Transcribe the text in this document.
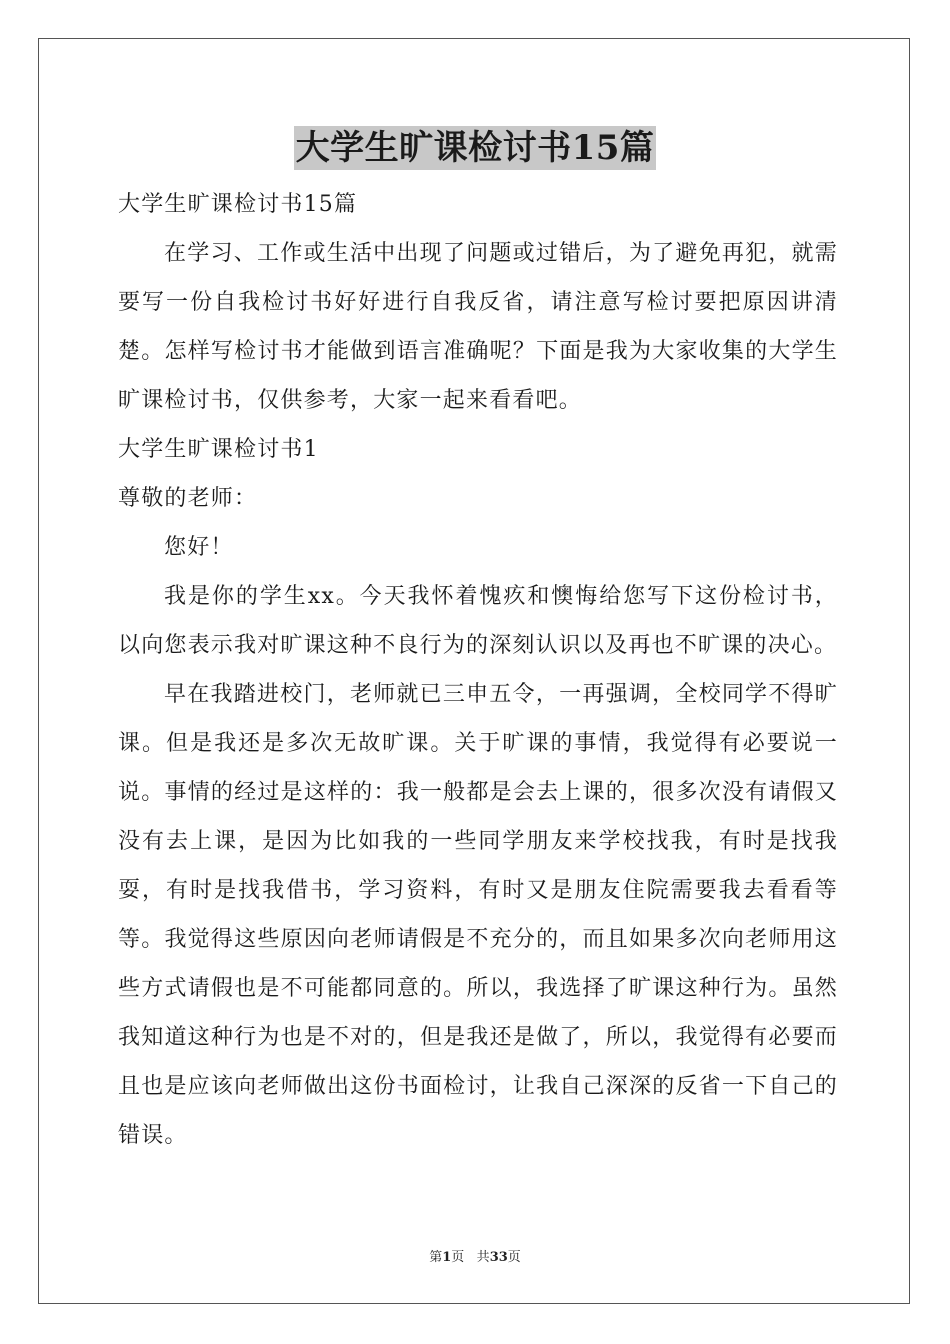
大学生旷课检讨书15篇

大学生旷课检讨书15篇

在学习、工作或生活中出现了问题或过错后，为了避免再犯，就需要写一份自我检讨书好好进行自我反省，请注意写检讨要把原因讲清楚。怎样写检讨书才能做到语言准确呢？下面是我为大家收集的大学生旷课检讨书，仅供参考，大家一起来看看吧。

大学生旷课检讨书1

尊敬的老师：

您好！

我是你的学生xx。今天我怀着愧疚和懊悔给您写下这份检讨书，以向您表示我对旷课这种不良行为的深刻认识以及再也不旷课的决心。

早在我踏进校门，老师就已三申五令，一再强调，全校同学不得旷课。但是我还是多次无故旷课。关于旷课的事情，我觉得有必要说一说。事情的经过是这样的：我一般都是会去上课的，很多次没有请假又没有去上课，是因为比如我的一些同学朋友来学校找我，有时是找我耍，有时是找我借书，学习资料，有时又是朋友住院需要我去看看等等。我觉得这些原因向老师请假是不充分的，而且如果多次向老师用这些方式请假也是不可能都同意的。所以，我选择了旷课这种行为。虽然我知道这种行为也是不对的，但是我还是做了，所以，我觉得有必要而且也是应该向老师做出这份书面检讨，让我自己深深的反省一下自己的错误。

第1页 共33页
